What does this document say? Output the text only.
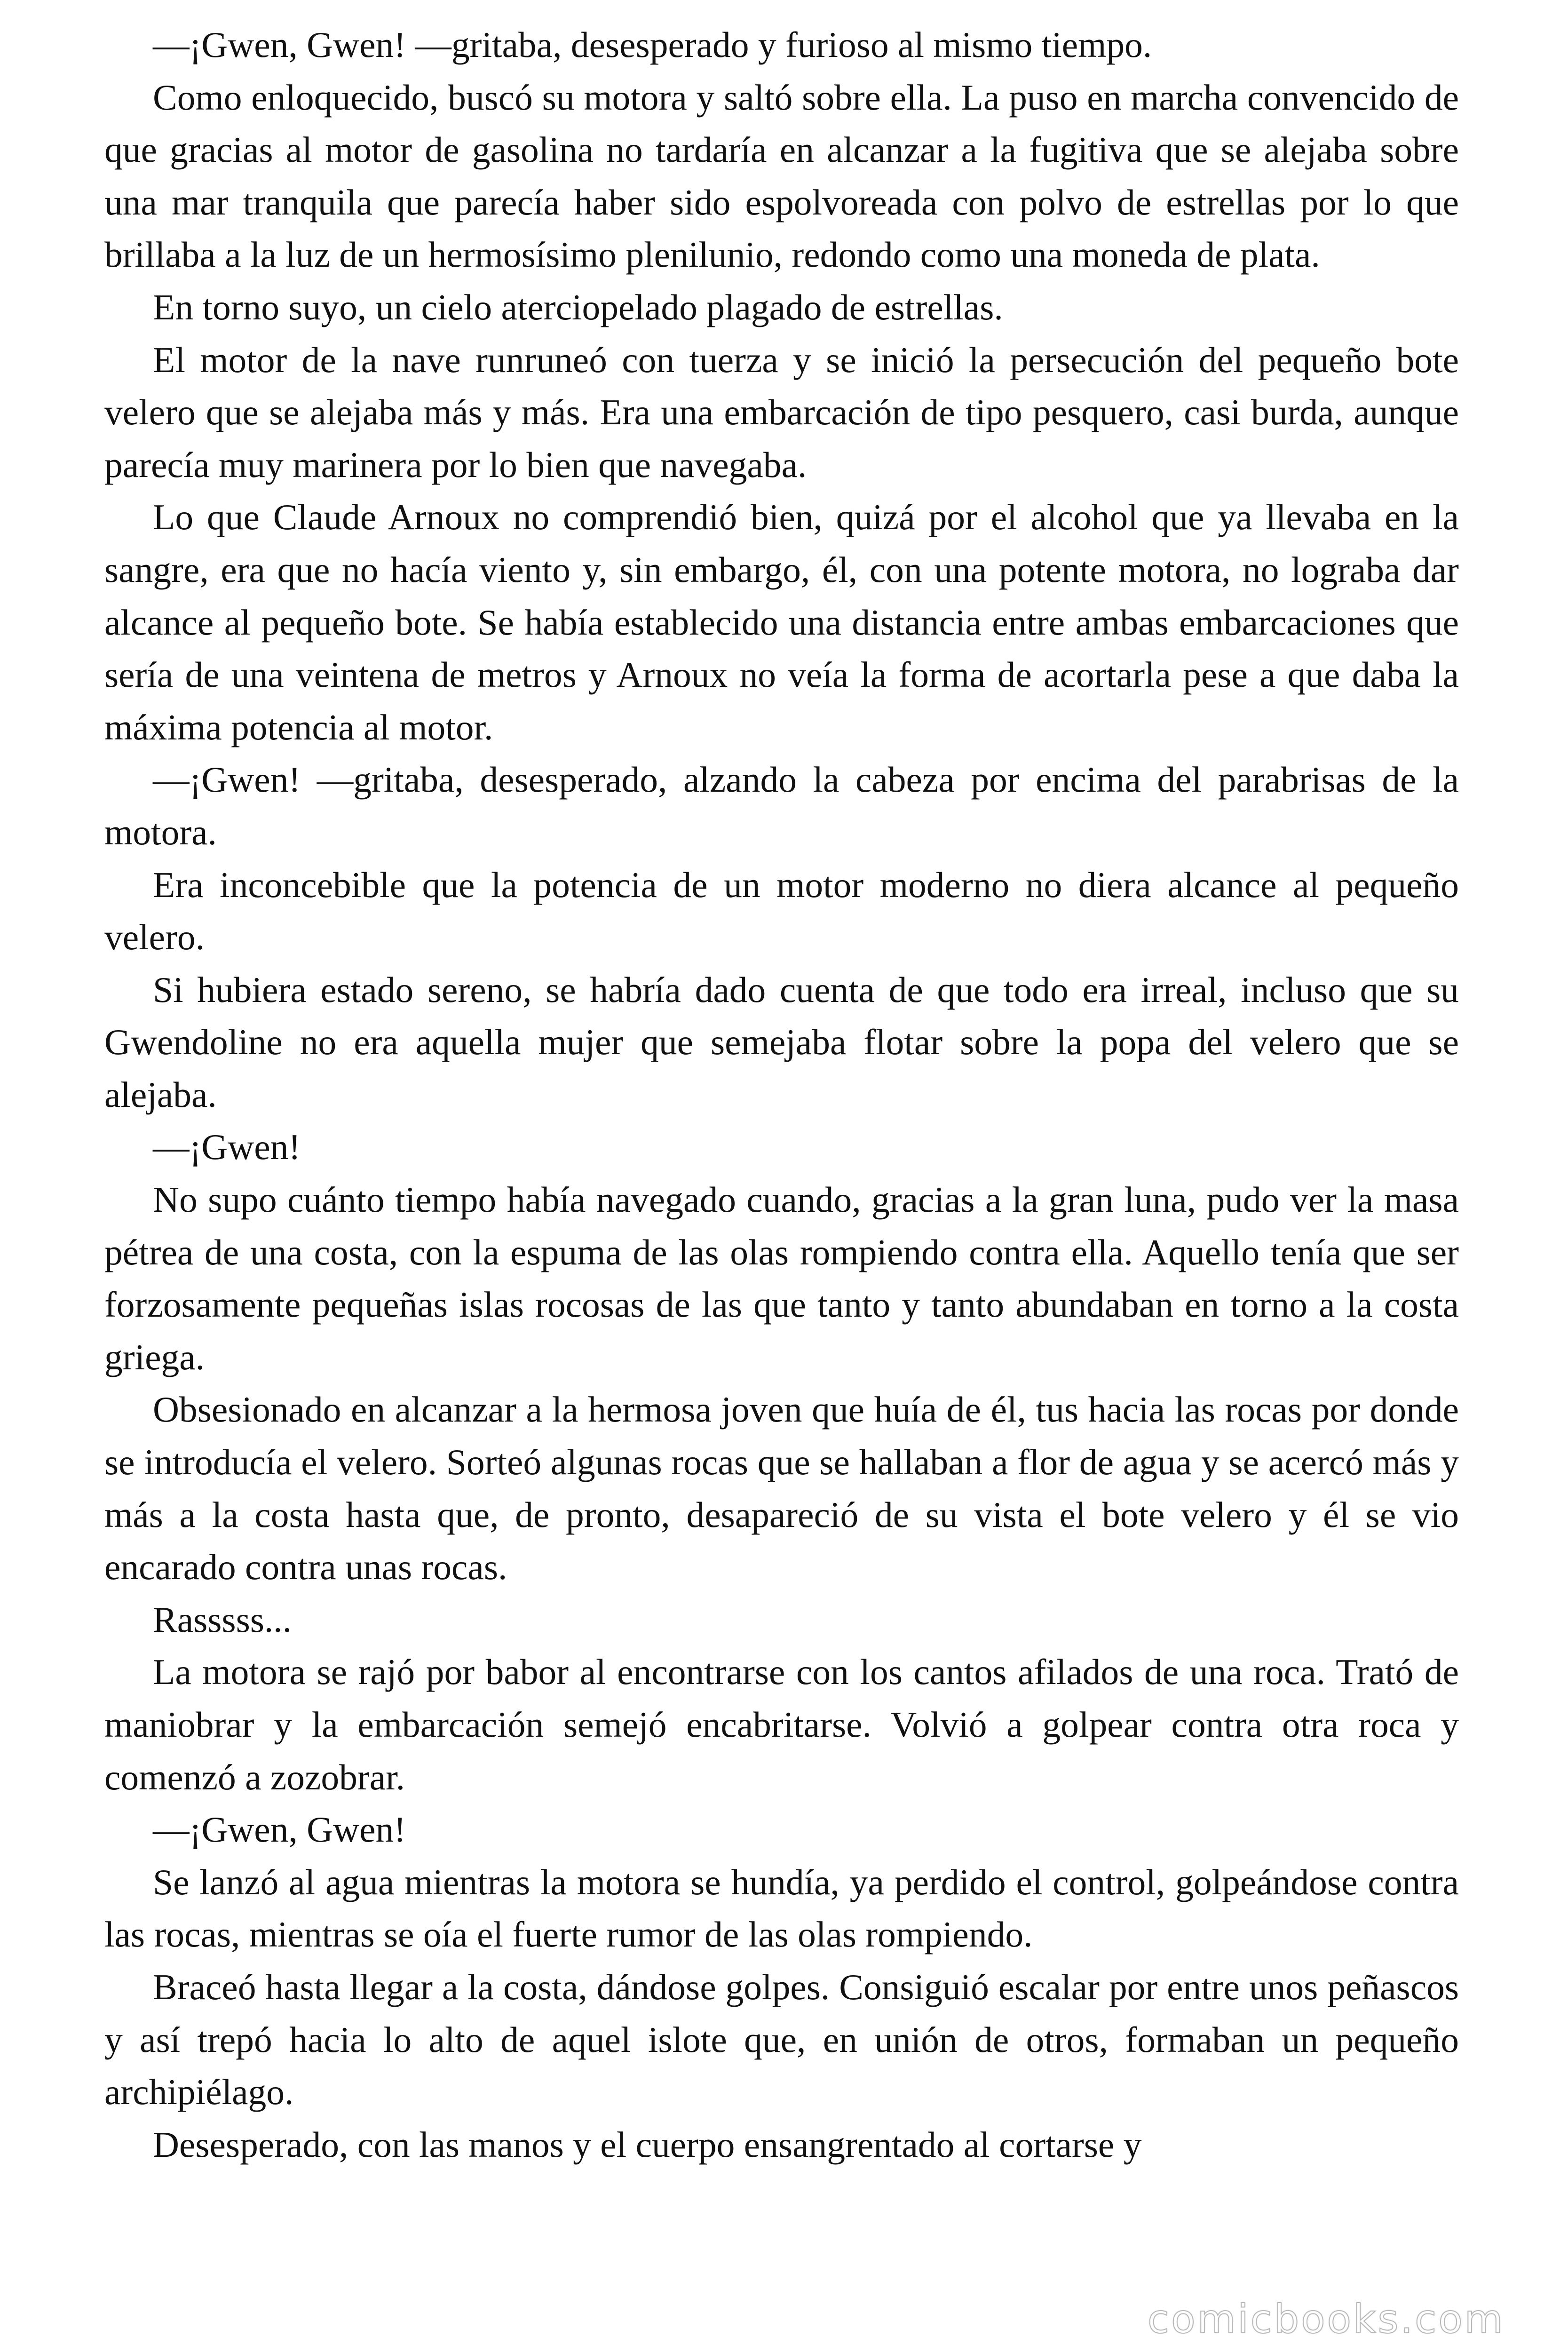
—¡Gwen, Gwen! —gritaba, desesperado y furioso al mismo tiempo.

Como enloquecido, buscó su motora y saltó sobre ella. La puso en marcha convencido de que gracias al motor de gasolina no tardaría en alcanzar a la fugitiva que se alejaba sobre una mar tranquila que parecía haber sido espolvoreada con polvo de estrellas por lo que brillaba a la luz de un hermosísimo plenilunio, redondo como una moneda de plata.

En torno suyo, un cielo aterciopelado plagado de estrellas.

El motor de la nave runruneó con tuerza y se inició la persecución del pequeño bote velero que se alejaba más y más. Era una embarcación de tipo pesquero, casi burda, aunque parecía muy marinera por lo bien que navegaba.

Lo que Claude Arnoux no comprendió bien, quizá por el alcohol que ya llevaba en la sangre, era que no hacía viento y, sin embargo, él, con una potente motora, no lograba dar alcance al pequeño bote. Se había establecido una distancia entre ambas embarcaciones que sería de una veintena de metros y Arnoux no veía la forma de acortarla pese a que daba la máxima potencia al motor.

—¡Gwen! —gritaba, desesperado, alzando la cabeza por encima del parabrisas de la motora.

Era inconcebible que la potencia de un motor moderno no diera alcance al pequeño velero.

Si hubiera estado sereno, se habría dado cuenta de que todo era irreal, incluso que su Gwendoline no era aquella mujer que semejaba flotar sobre la popa del velero que se alejaba.

—¡Gwen!

No supo cuánto tiempo había navegado cuando, gracias a la gran luna, pudo ver la masa pétrea de una costa, con la espuma de las olas rompiendo contra ella. Aquello tenía que ser forzosamente pequeñas islas rocosas de las que tanto y tanto abundaban en torno a la costa griega.

Obsesionado en alcanzar a la hermosa joven que huía de él, tus hacia las rocas por donde se introducía el velero. Sorteó algunas rocas que se hallaban a flor de agua y se acercó más y más a la costa hasta que, de pronto, desapareció de su vista el bote velero y él se vio encarado contra unas rocas.

Rasssss...

La motora se rajó por babor al encontrarse con los cantos afilados de una roca. Trató de maniobrar y la embarcación semejó encabritarse. Volvió a golpear contra otra roca y comenzó a zozobrar.

—¡Gwen, Gwen!

Se lanzó al agua mientras la motora se hundía, ya perdido el control, golpeándose contra las rocas, mientras se oía el fuerte rumor de las olas rompiendo.

Braceó hasta llegar a la costa, dándose golpes. Consiguió escalar por entre unos peñascos y así trepó hacia lo alto de aquel islote que, en unión de otros, formaban un pequeño archipiélago.

Desesperado, con las manos y el cuerpo ensangrentado al cortarse y

comicbooks.com
